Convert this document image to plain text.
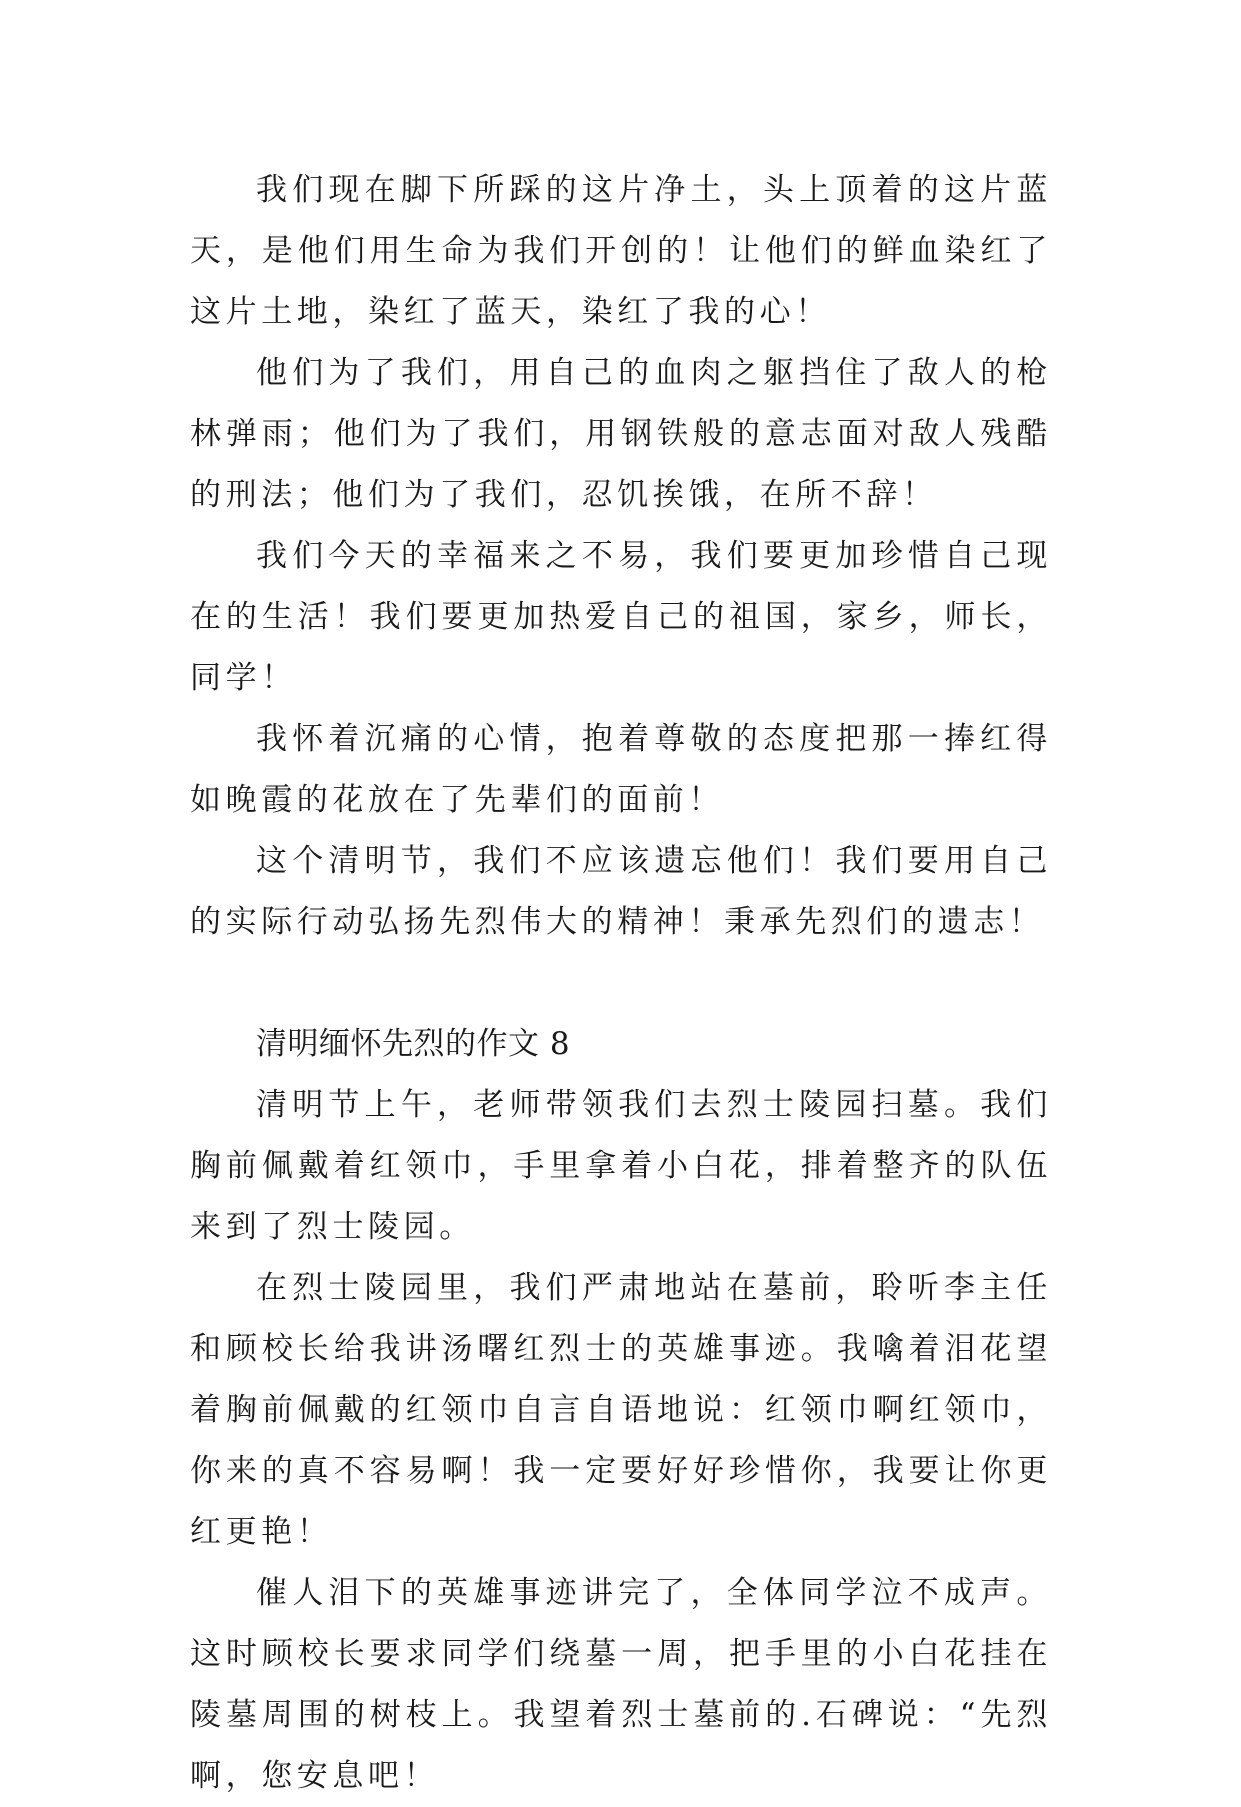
我们现在脚下所踩的这片净土，头上顶着的这片蓝天，是他们用生命为我们开创的！让他们的鲜血染红了这片土地，染红了蓝天，染红了我的心！

他们为了我们，用自己的血肉之躯挡住了敌人的枪林弹雨；他们为了我们，用钢铁般的意志面对敌人残酷的刑法；他们为了我们，忍饥挨饿，在所不辞！

我们今天的幸福来之不易，我们要更加珍惜自己现在的生活！我们要更加热爱自己的祖国，家乡，师长，同学！

我怀着沉痛的心情，抱着尊敬的态度把那一捧红得如晚霞的花放在了先辈们的面前！

这个清明节，我们不应该遗忘他们！我们要用自己的实际行动弘扬先烈伟大的精神！秉承先烈们的遗志！

清明缅怀先烈的作文 8

清明节上午，老师带领我们去烈士陵园扫墓。我们胸前佩戴着红领巾，手里拿着小白花，排着整齐的队伍来到了烈士陵园。

在烈士陵园里，我们严肃地站在墓前，聆听李主任和顾校长给我讲汤曙红烈士的英雄事迹。我噙着泪花望着胸前佩戴的红领巾自言自语地说：红领巾啊红领巾，你来的真不容易啊！我一定要好好珍惜你，我要让你更红更艳！

催人泪下的英雄事迹讲完了，全体同学泣不成声。这时顾校长要求同学们绕墓一周，把手里的小白花挂在陵墓周围的树枝上。我望着烈士墓前的.石碑说：“先烈啊，您安息吧！
